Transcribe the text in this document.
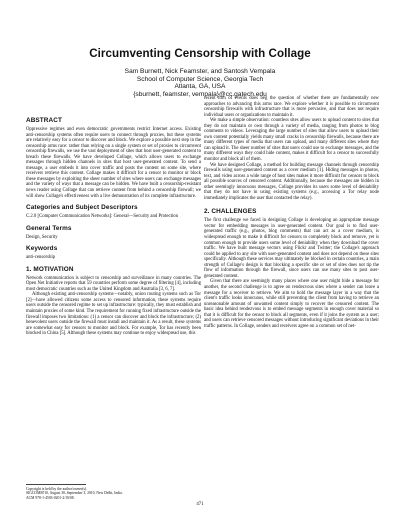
Circumventing Censorship with Collage
Sam Burnett, Nick Feamster, and Santosh Vempala
School of Computer Science, Georgia Tech
Atlanta, GA, USA
{sburnett, feamster, vempala}@cc.gatech.edu
ABSTRACT

Oppressive regimes and even democratic governments restrict Internet access. Existing anti-censorship systems often require users to connect through proxies, but these systems are relatively easy for a censor to discover and block. We explore a possible next step in the censorship arms race: rather than relying on a single system or set of proxies to circumvent censorship firewalls, we use the vast deployment of sites that host user-generated content to breach these firewalls. We have developed Collage, which allows users to exchange messages through hidden channels in sites that host user-generated content. To send a message, a user embeds it into cover traffic and posts the content on some site, where receivers retrieve this content. Collage makes it difficult for a censor to monitor or block these messages by exploiting the sheer number of sites where users can exchange messages and the variety of ways that a message can be hidden. We have built a censorship-resistant news reader using Collage that can retrieve content from behind a censorship firewall; we will show Collage's effectiveness with a live demonstration of its complete infrastructure.

Categories and Subject Descriptors

C.2.0 [Computer Communication Networks]: General—Security and Protection

General Terms

Design, Security

Keywords

anti-censorship

1. MOTIVATION

Network communication is subject to censorship and surveillance in many countries. The Open Net Initiative reports that 59 countries perform some degree of filtering [4], including most democratic countries such as the United Kingdom and Australia [3, 6, 7].

Although existing anti-censorship systems—notably, onion routing systems such as Tor [2]—have allowed citizens some access to censored information, these systems require users outside the censored regime to set up infrastructure: typically, they must establish and maintain proxies of some kind. The requirement for running fixed infrastructure outside the firewall imposes two limitations: (1) a censor can discover and block the infrastructure; (2) benevolent users outside the firewall must install and maintain it. As a result, these systems are somewhat easy for censors to monitor and block. For example, Tor has recently been blocked in China [5]. Although these systems may continue to enjoy widespread use, this

recent turn of events does beg the question of whether there are fundamentally new approaches to advancing this arms race. We explore whether it is possible to circumvent censorship firewalls with infrastructure that is more pervasive, and that does not require individual users or organizations to maintain it.

We make a simple observation: countless sites allow users to upload content to sites that they do not maintain or own through a variety of media, ranging from photos to blog comments to videos. Leveraging the large number of sites that allow users to upload their own content potentially yields many small cracks in censorship firewalls, because there are many different types of media that users can upload, and many different sites where they can upload it. The sheer number of sites that users could use to exchange messages, and the many different ways they could hide content, makes it difficult for a censor to successfully monitor and block all of them.

We have designed Collage, a method for building message channels through censorship firewalls using user-generated content as a cover medium [1]. Hiding messages in photos, text, and video across a wide range of host sites makes it more difficult for censors to block all possible sources of censored content. Additionally, because the messages are hidden in other seemingly innocuous messages, Collage provides its users some level of deniability that they do not have in using existing systems (e.g., accessing a Tor relay node immediately implicates the user that contacted the relay).

2. CHALLENGES

The first challenge we faced in designing Collage is developing an appropriate message vector for embedding messages in user-generated content. Our goal is to find user-generated traffic (e.g., photos, blog comments) that can act as a cover medium, is widespread enough to make it difficult for censors to completely block and remove, yet is common enough to provide users some level of deniability when they download the cover traffic. We have built message vectors using Flickr and Twitter; the Collage's approach could be applied to any site with user-generated content and does not depend on these sites specifically. Although these services may ultimately be blocked in certain countries, a main strength of Collage's design is that blocking a specific site or set of sites does not tip the flow of information through the firewall, since users can use many sites to post user-generated content.

Given that there are seemingly many places where one user might hide a message for another, the second challenge is to agree on rendezvous sites where a sender can leave a message for a receiver to retrieve. We aim to hold the message layer in a way that the client's traffic looks innocuous, while still preventing the client from having to retrieve an unreasonable amount of unwanted content simply to recover the censored content. The basic idea behind rendezvous is to embed message segments in enough cover material so that it is difficult for the censor to block all segments, even if it joins the system as a user; and users can retrieve censored messages without introducing significant deviations in their traffic patterns. In Collage, senders and receivers agree on a common set of net-

Copyright is held by the author/owner(s).
SIGCOMM'10, August 30–September 3, 2010, New Delhi, India.
ACM 978-1-4503-0201-2/10/08.
471
